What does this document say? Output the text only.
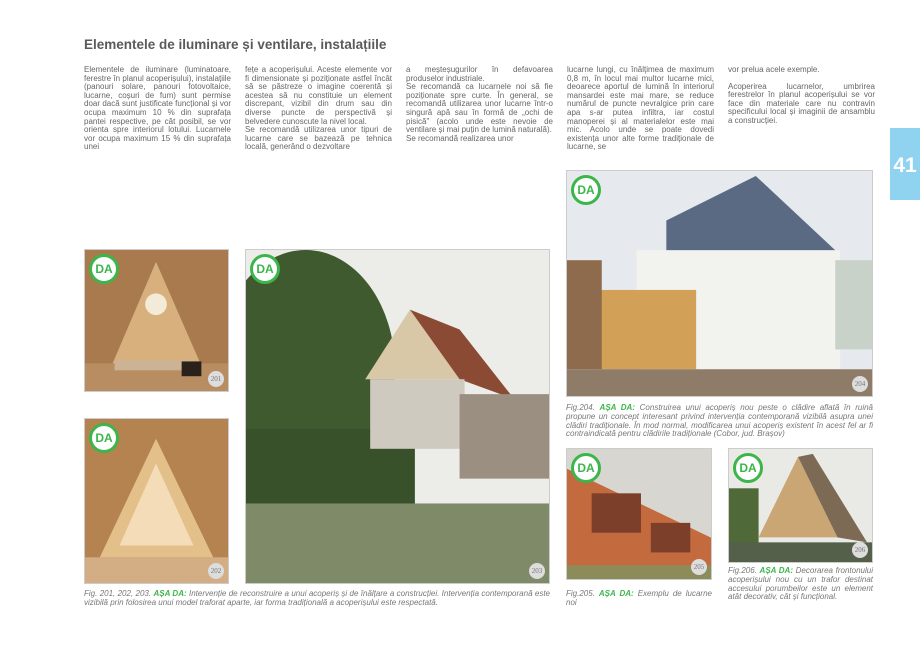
Elementele de iluminare și ventilare, instalațiile
41

Elementele de iluminare (luminatoare, ferestre în planul acoperișului), instalațiile (panouri solare, panouri fotovoltaice, lucarne, coșuri de fum) sunt permise doar dacă sunt justificate funcțional și vor ocupa maximum 10 % din suprafața pantei respective, pe cât posibil, se vor orienta spre interiorul lotului. Lucarnele vor ocupa maximum 15 % din suprafața unei

fețe a acoperișului. Aceste elemente vor fi dimensionate și poziționate astfel încât să se păstreze o imagine coerentă și acestea să nu constituie un element discrepant, vizibil din drum sau din diverse puncte de perspectivă și belvedere cunoscute la nivel local.

Se recomandă utilizarea unor tipuri de lucarne care se bazează pe tehnica locală, generând o dezvoltare

a meșteșugurilor în defavoarea produselor industriale.

Se recomandă ca lucarnele noi să fie poziționate spre curte. În general, se recomandă utilizarea unor lucarne într-o singură apă sau în formă de „ochi de pisică” (acolo unde este nevoie de ventilare și mai puțin de lumină naturală).

Se recomandă realizarea unor

lucarne lungi, cu înălțimea de maximum 0,8 m, în locul mai multor lucarne mici, deoarece aportul de lumină în interiorul mansardei este mai mare, se reduce numărul de puncte nevralgice prin care apa s-ar putea infiltra, iar costul manoperei și al materialelor este mai mic. Acolo unde se poate dovedi existența unor alte forme tradiționale de lucarne, se

vor prelua acele exemple.

Acoperirea lucarnelor, umbrirea ferestrelor în planul acoperișului se vor face din materiale care nu contravin specificului local și imaginii de ansamblu a construcției.

DA
201
DA
202
DA
203
DA
204
DA
205
DA
206
Fig. 201, 202, 203. AȘA DA: Intervenție de reconstruire a unui acoperiș și de înălțare a construcției. Intervenția contemporană este vizibilă prin folosirea unui model traforat aparte, iar forma tradițională a acoperișului este respectată.
Fig.204. AȘA DA: Construirea unui acoperiș nou peste o clădire aflată în ruină propune un concept interesant privind intervenția contemporană vizibilă asupra unei clădiri tradiționale. În mod normal, modificarea unui acoperiș existent în acest fel ar fi contraindicată pentru clădirile tradiționale (Cobor, jud. Brașov)
Fig.205. AȘA DA: Exemplu de lucarne noi
Fig.206. AȘA DA: Decorarea frontonului acoperișului nou cu un trafor destinat accesului porumbeilor este un element atât decorativ, cât și funcțional.
